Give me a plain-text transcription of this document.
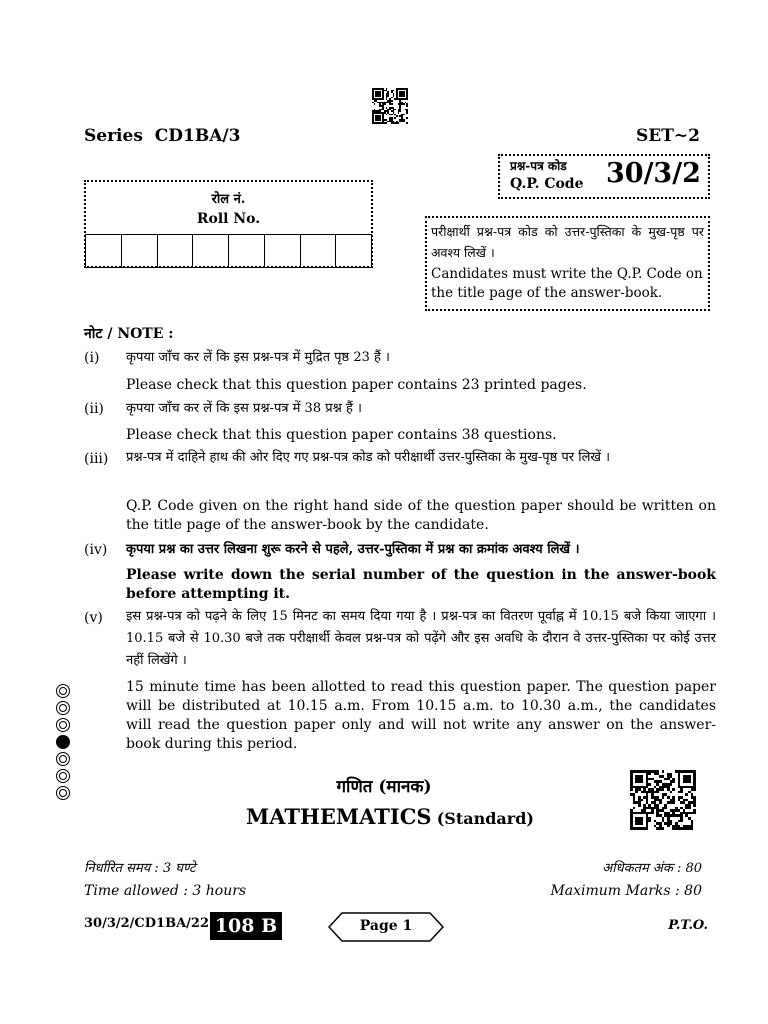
Series  CD1BA/3	SET~2
प्रश्न-पत्र कोड
Q.P. Code 30/3/2
रोल नं.
Roll No.
परीक्षार्थी प्रश्न-पत्र कोड को उत्तर-पुस्तिका के मुख-पृष्ठ पर अवश्य लिखें ।
Candidates must write the Q.P. Code on the title page of the answer-book.
नोट / NOTE :
(i) कृपया जाँच कर लें कि इस प्रश्न-पत्र में मुद्रित पृष्ठ 23 हैं ।
Please check that this question paper contains 23 printed pages.
(ii) कृपया जाँच कर लें कि इस प्रश्न-पत्र में 38 प्रश्न हैं ।
Please check that this question paper contains 38 questions.
(iii) प्रश्न-पत्र में दाहिने हाथ की ओर दिए गए प्रश्न-पत्र कोड को परीक्षार्थी उत्तर-पुस्तिका के मुख-पृष्ठ पर लिखें ।
Q.P. Code given on the right hand side of the question paper should be written on the title page of the answer-book by the candidate.
(iv) कृपया प्रश्न का उत्तर लिखना शुरू करने से पहले, उत्तर-पुस्तिका में प्रश्न का क्रमांक अवश्य लिखें ।
Please write down the serial number of the question in the answer-book before attempting it.
(v) इस प्रश्न-पत्र को पढ़ने के लिए 15 मिनट का समय दिया गया है । प्रश्न-पत्र का वितरण पूर्वाह्न में 10.15 बजे किया जाएगा । 10.15 बजे से 10.30 बजे तक परीक्षार्थी केवल प्रश्न-पत्र को पढ़ेंगे और इस अवधि के दौरान वे उत्तर-पुस्तिका पर कोई उत्तर नहीं लिखेंगे ।
15 minute time has been allotted to read this question paper. The question paper will be distributed at 10.15 a.m. From 10.15 a.m. to 10.30 a.m., the candidates will read the question paper only and will not write any answer on the answer-book during this period.
गणित (मानक)
MATHEMATICS (Standard)
निर्धारित समय : 3 घण्टे
Time allowed : 3 hours
अधिकतम अंक : 80
Maximum Marks : 80
30/3/2/CD1BA/22 108 B	Page 1	P.T.O.
